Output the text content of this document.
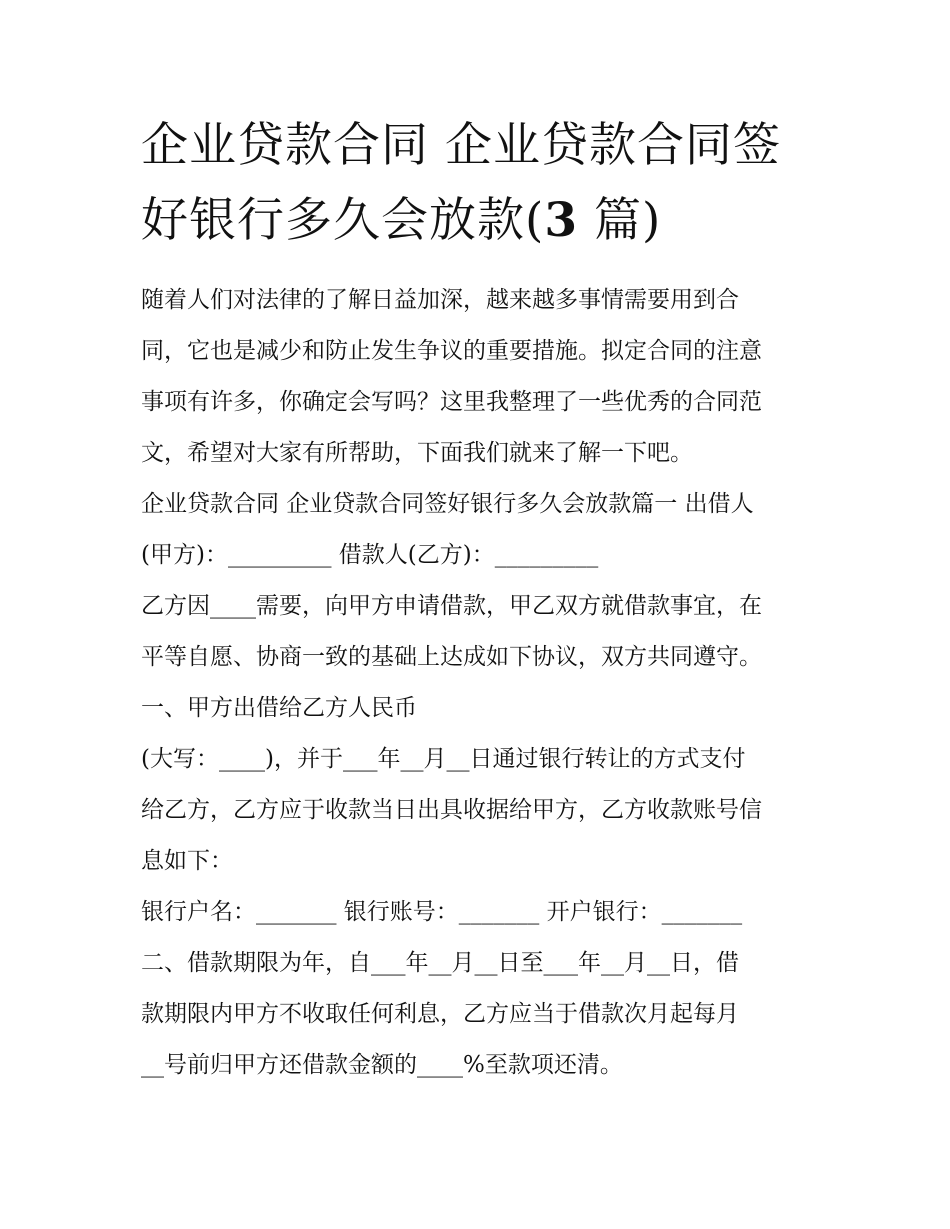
企业贷款合同 企业贷款合同签
好银行多久会放款(3 篇)
随着人们对法律的了解日益加深，越来越多事情需要用到合
同，它也是减少和防止发生争议的重要措施。拟定合同的注意
事项有许多，你确定会写吗？这里我整理了一些优秀的合同范
文，希望对大家有所帮助，下面我们就来了解一下吧。
企业贷款合同 企业贷款合同签好银行多久会放款篇一 出借人
(甲方)：_________ 借款人(乙方)：_________
乙方因____需要，向甲方申请借款，甲乙双方就借款事宜，在
平等自愿、协商一致的基础上达成如下协议，双方共同遵守。
一、甲方出借给乙方人民币
(大写：____)，并于___年__月__日通过银行转让的方式支付
给乙方，乙方应于收款当日出具收据给甲方，乙方收款账号信
息如下：
银行户名：_______ 银行账号：_______ 开户银行：_______
二、借款期限为年，自___年__月__日至___年__月__日，借
款期限内甲方不收取任何利息，乙方应当于借款次月起每月
__号前归甲方还借款金额的____%至款项还清。
